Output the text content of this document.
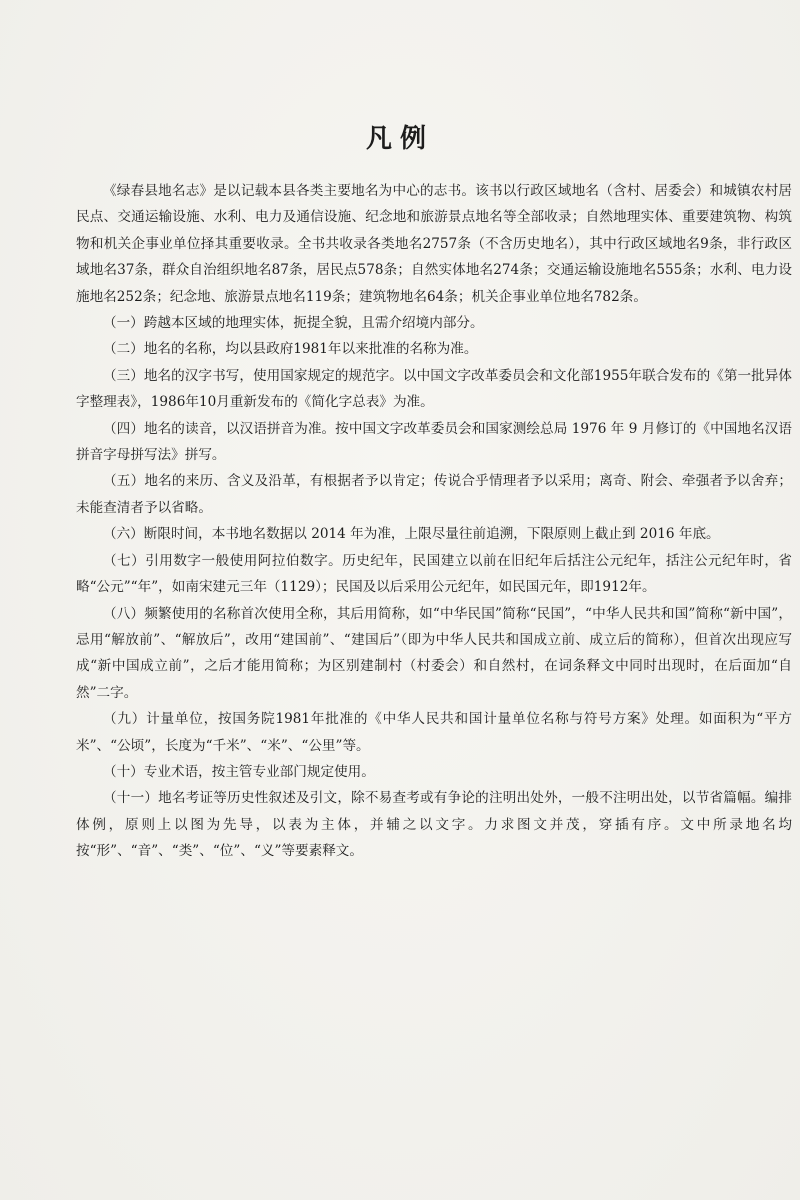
凡例

《绿春县地名志》是以记载本县各类主要地名为中心的志书。该书以行政区域地名（含村、居委会）和城镇农村居民点、交通运输设施、水利、电力及通信设施、纪念地和旅游景点地名等全部收录；自然地理实体、重要建筑物、构筑物和机关企事业单位择其重要收录。全书共收录各类地名2757条（不含历史地名），其中行政区域地名9条，非行政区域地名37条，群众自治组织地名87条，居民点578条；自然实体地名274条；交通运输设施地名555条；水利、电力设施地名252条；纪念地、旅游景点地名119条；建筑物地名64条；机关企事业单位地名782条。

（一）跨越本区域的地理实体，扼提全貌，且需介绍境内部分。

（二）地名的名称，均以县政府1981年以来批准的名称为准。

（三）地名的汉字书写，使用国家规定的规范字。以中国文字改革委员会和文化部1955年联合发布的《第一批异体字整理表》，1986年10月重新发布的《简化字总表》为准。

（四）地名的读音，以汉语拼音为准。按中国文字改革委员会和国家测绘总局 1976 年 9 月修订的《中国地名汉语拼音字母拼写法》拼写。

（五）地名的来历、含义及沿革，有根据者予以肯定；传说合乎情理者予以采用；离奇、附会、牵强者予以舍弃；未能查清者予以省略。

（六）断限时间，本书地名数据以 2014 年为准，上限尽量往前追溯，下限原则上截止到 2016 年底。

（七）引用数字一般使用阿拉伯数字。历史纪年，民国建立以前在旧纪年后括注公元纪年，括注公元纪年时，省略“公元”“年”，如南宋建元三年（1129）；民国及以后采用公元纪年，如民国元年，即1912年。

（八）频繁使用的名称首次使用全称，其后用简称，如“中华民国”简称“民国”，“中华人民共和国”简称“新中国”，忌用“解放前”、“解放后”，改用“建国前”、“建国后”（即为中华人民共和国成立前、成立后的简称），但首次出现应写成“新中国成立前”，之后才能用简称；为区别建制村（村委会）和自然村，在词条释文中同时出现时，在后面加“自然”二字。

（九）计量单位，按国务院1981年批准的《中华人民共和国计量单位名称与符号方案》处理。如面积为“平方米”、“公顷”，长度为“千米”、“米”、“公里”等。

（十）专业术语，按主管专业部门规定使用。

（十一）地名考证等历史性叙述及引文，除不易查考或有争论的注明出处外，一般不注明出处，以节省篇幅。编排体例，原则上以图为先导，以表为主体，并辅之以文字。力求图文并茂，穿插有序。文中所录地名均按“形”、“音”、“类”、“位”、“义”等要素释文。
